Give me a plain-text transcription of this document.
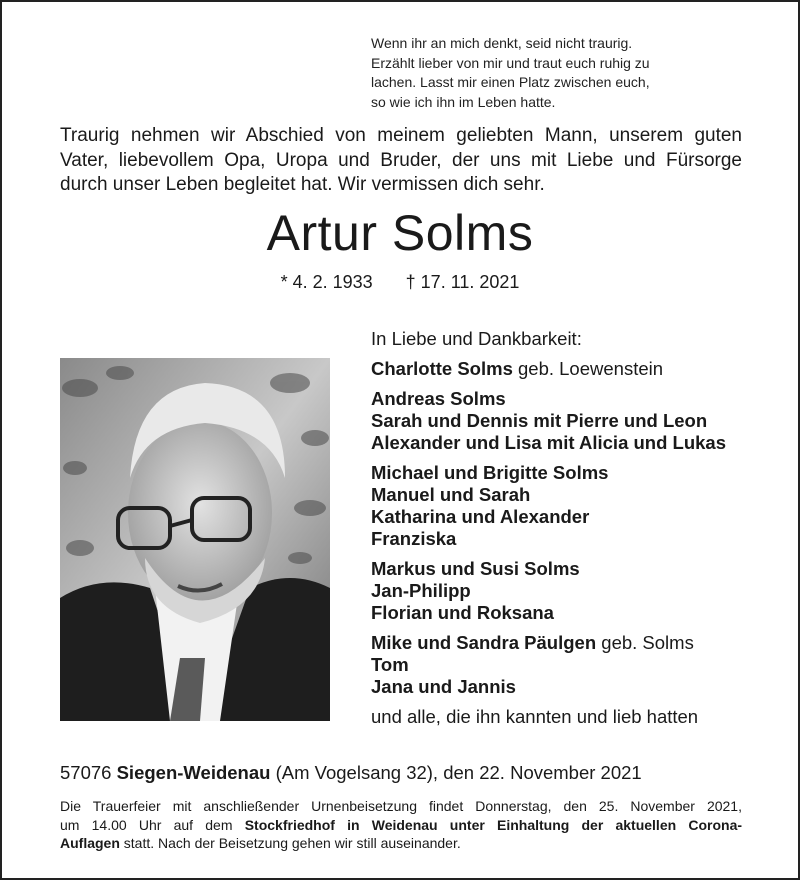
Wenn ihr an mich denkt, seid nicht traurig.
Erzählt lieber von mir und traut euch ruhig zu
lachen. Lasst mir einen Platz zwischen euch,
so wie ich ihn im Leben hatte.
Traurig nehmen wir Abschied von meinem geliebten Mann, unserem guten
Vater, liebevollem Opa, Uropa und Bruder, der uns mit Liebe und Fürsorge
durch unser Leben begleitet hat. Wir vermissen dich sehr.
Artur Solms
* 4. 2. 1933 † 17. 11. 2021
In Liebe und Dankbarkeit:
Charlotte Solms geb. Loewenstein
Andreas Solms
Sarah und Dennis mit Pierre und Leon
Alexander und Lisa mit Alicia und Lukas
Michael und Brigitte Solms
Manuel und Sarah
Katharina und Alexander
Franziska
Markus und Susi Solms
Jan-Philipp
Florian und Roksana
Mike und Sandra Päulgen geb. Solms
Tom
Jana und Jannis
und alle, die ihn kannten und lieb hatten
57076 Siegen-Weidenau (Am Vogelsang 32), den 22. November 2021
Die Trauerfeier mit anschließender Urnenbeisetzung findet Donnerstag, den 25. November 2021,
um 14.00 Uhr auf dem Stockfriedhof in Weidenau unter Einhaltung der aktuellen Corona-
Auflagen statt. Nach der Beisetzung gehen wir still auseinander.
